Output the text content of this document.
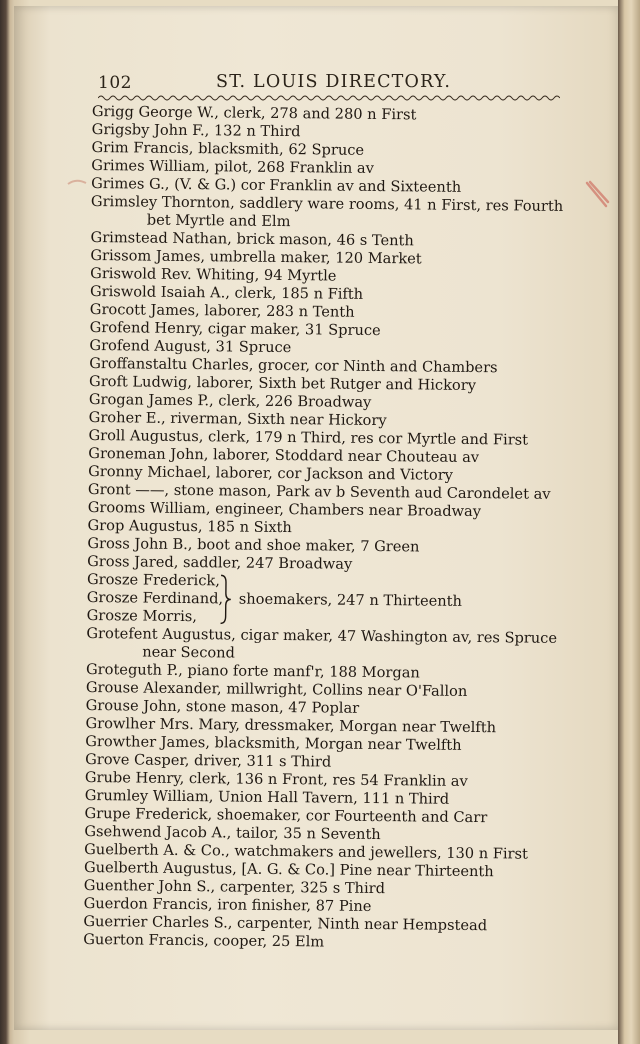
102	ST. LOUIS DIRECTORY.
Grigg George W., clerk, 278 and 280 n First
Grigsby John F., 132 n Third
Grim Francis, blacksmith, 62 Spruce
Grimes William, pilot, 268 Franklin av
Grimes G., (V. & G.) cor Franklin av and Sixteenth
Grimsley Thornton, saddlery ware rooms, 41 n First, res Fourth
bet Myrtle and Elm
Grimstead Nathan, brick mason, 46 s Tenth
Grissom James, umbrella maker, 120 Market
Griswold Rev. Whiting, 94 Myrtle
Griswold Isaiah A., clerk, 185 n Fifth
Grocott James, laborer, 283 n Tenth
Grofend Henry, cigar maker, 31 Spruce
Grofend August, 31 Spruce
Groffanstaltu Charles, grocer, cor Ninth and Chambers
Groft Ludwig, laborer, Sixth bet Rutger and Hickory
Grogan James P., clerk, 226 Broadway
Groher E., riverman, Sixth near Hickory
Groll Augustus, clerk, 179 n Third, res cor Myrtle and First
Groneman John, laborer, Stoddard near Chouteau av
Gronny Michael, laborer, cor Jackson and Victory
Gront ——, stone mason, Park av b Seventh aud Carondelet av
Grooms William, engineer, Chambers near Broadway
Grop Augustus, 185 n Sixth
Gross John B., boot and shoe maker, 7 Green
Gross Jared, saddler, 247 Broadway
Grosze Frederick,
Grosze Ferdinand,
Grosze Morris,
shoemakers, 247 n Thirteenth
Grotefent Augustus, cigar maker, 47 Washington av, res Spruce
near Second
Groteguth P., piano forte manf'r, 188 Morgan
Grouse Alexander, millwright, Collins near O'Fallon
Grouse John, stone mason, 47 Poplar
Growlher Mrs. Mary, dressmaker, Morgan near Twelfth
Growther James, blacksmith, Morgan near Twelfth
Grove Casper, driver, 311 s Third
Grube Henry, clerk, 136 n Front, res 54 Franklin av
Grumley William, Union Hall Tavern, 111 n Third
Grupe Frederick, shoemaker, cor Fourteenth and Carr
Gsehwend Jacob A., tailor, 35 n Seventh
Guelberth A. & Co., watchmakers and jewellers, 130 n First
Guelberth Augustus, [A. G. & Co.] Pine near Thirteenth
Guenther John S., carpenter, 325 s Third
Guerdon Francis, iron finisher, 87 Pine
Guerrier Charles S., carpenter, Ninth near Hempstead
Guerton Francis, cooper, 25 Elm
